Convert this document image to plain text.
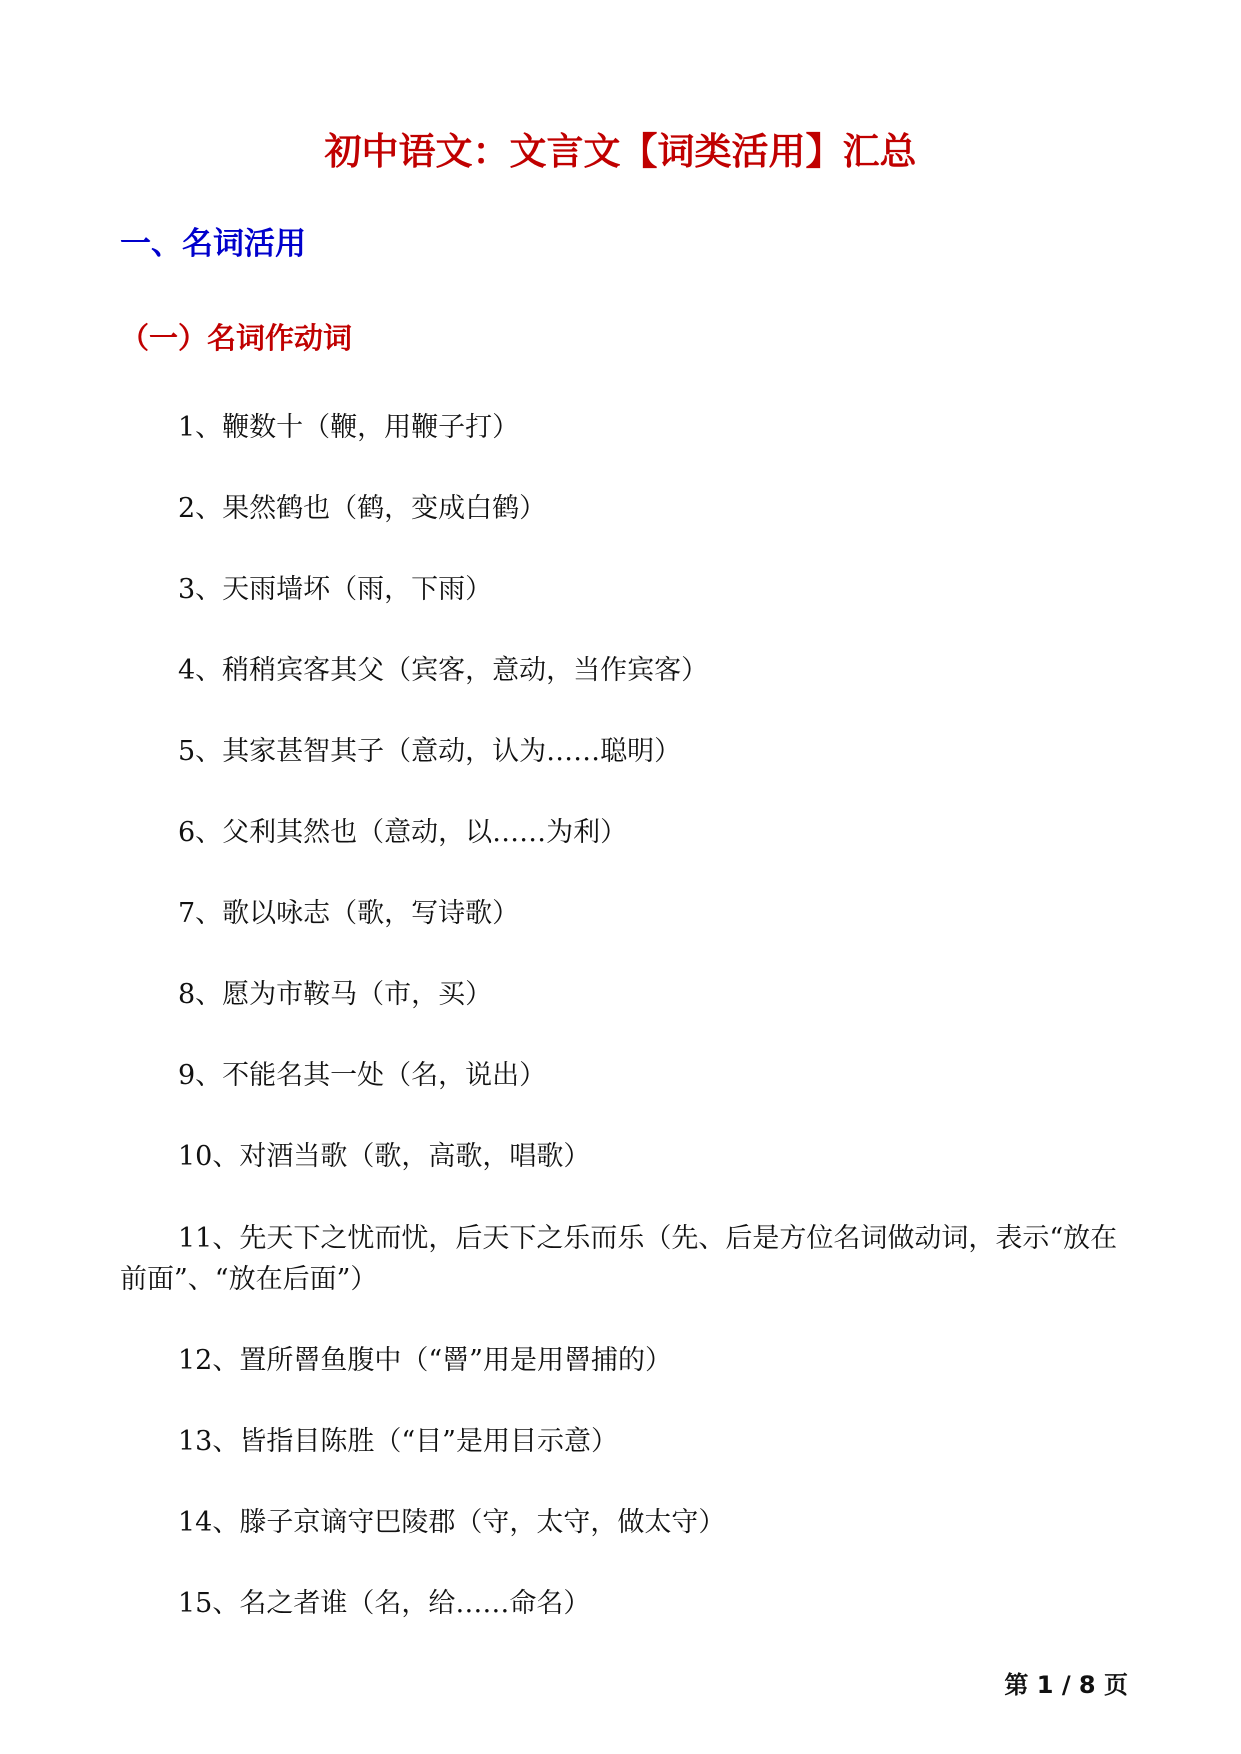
初中语文：文言文【词类活用】汇总
一、名词活用
（一）名词作动词
1、鞭数十（鞭，用鞭子打）
2、果然鹤也（鹤，变成白鹤）
3、天雨墙坏（雨，下雨）
4、稍稍宾客其父（宾客，意动，当作宾客）
5、其家甚智其子（意动，认为……聪明）
6、父利其然也（意动，以……为利）
7、歌以咏志（歌，写诗歌）
8、愿为市鞍马（市，买）
9、不能名其一处（名，说出）
10、对酒当歌（歌，高歌，唱歌）
11、先天下之忧而忧，后天下之乐而乐（先、后是方位名词做动词，表示“放在前面”、“放在后面”）
12、置所罾鱼腹中（“罾”用是用罾捕的）
13、皆指目陈胜（“目”是用目示意）
14、滕子京谪守巴陵郡（守，太守，做太守）
15、名之者谁（名，给……命名）
第 1 / 8 页
